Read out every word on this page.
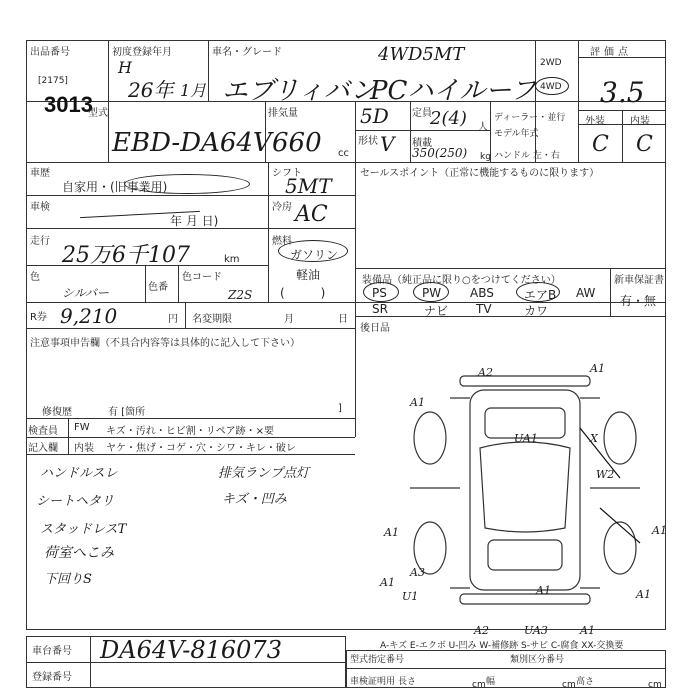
出品番号
[2175]
3013
初度登録年月
H
26年 1月
車名・グレード
エブリィバン
4WD5MT
PCハイルーフ
2WD
4WD
評価点
3.5
外装	内装
C C
型式
EBD-DA64V
排気量
660 cc
5D 定員
2(4) 人
形状 V 積載
350(250) kg
ディーラー・並行
モデル年式
ハンドル 左・右
車歴
自家用・(旧事業用)
シフト
5MT
セールスポイント（正常に機能するものに限ります）
車検
年 月 日)
冷房 AC
走行
25万6千107	km
燃料
ガソリン
軽油
(　　　)
色
シルバー	色番
色コード
Z2S
装備品（純正品に限り○をつけてください）	新車保証書
有・無
PS	PW ABS	エアB AW
SR	ナビ TV	カワ
後日品
R券 9,210	円 名変期限	月	日
注意事項申告欄（不具合内容等は具体的に記入して下さい）
修復歴	有 [箇所	]
検査員
記入欄
FW
内装
キズ・汚れ・ヒビ割・リペア跡・×要
ヤケ・焦げ・コゲ・穴・シワ・キレ・破レ
ハンドルスレ
シートヘタリ
スタッドレスT
荷室へこみ
下回りS
排気ランプ点灯
キズ・凹み
A2	A1
A1
UA1	X
W2
A1	A1
A1
A3
U1	A1
A2	UA3	A1
A1
A-キズ E-エクボ U-凹み W-補修跡 S-サビ C-腐食 XX-交換要
車台番号 DA64V-816073
登録番号
型式指定番号	類別区分番号
車検証明用 長さ	cm 幅	cm 高さ	cm
